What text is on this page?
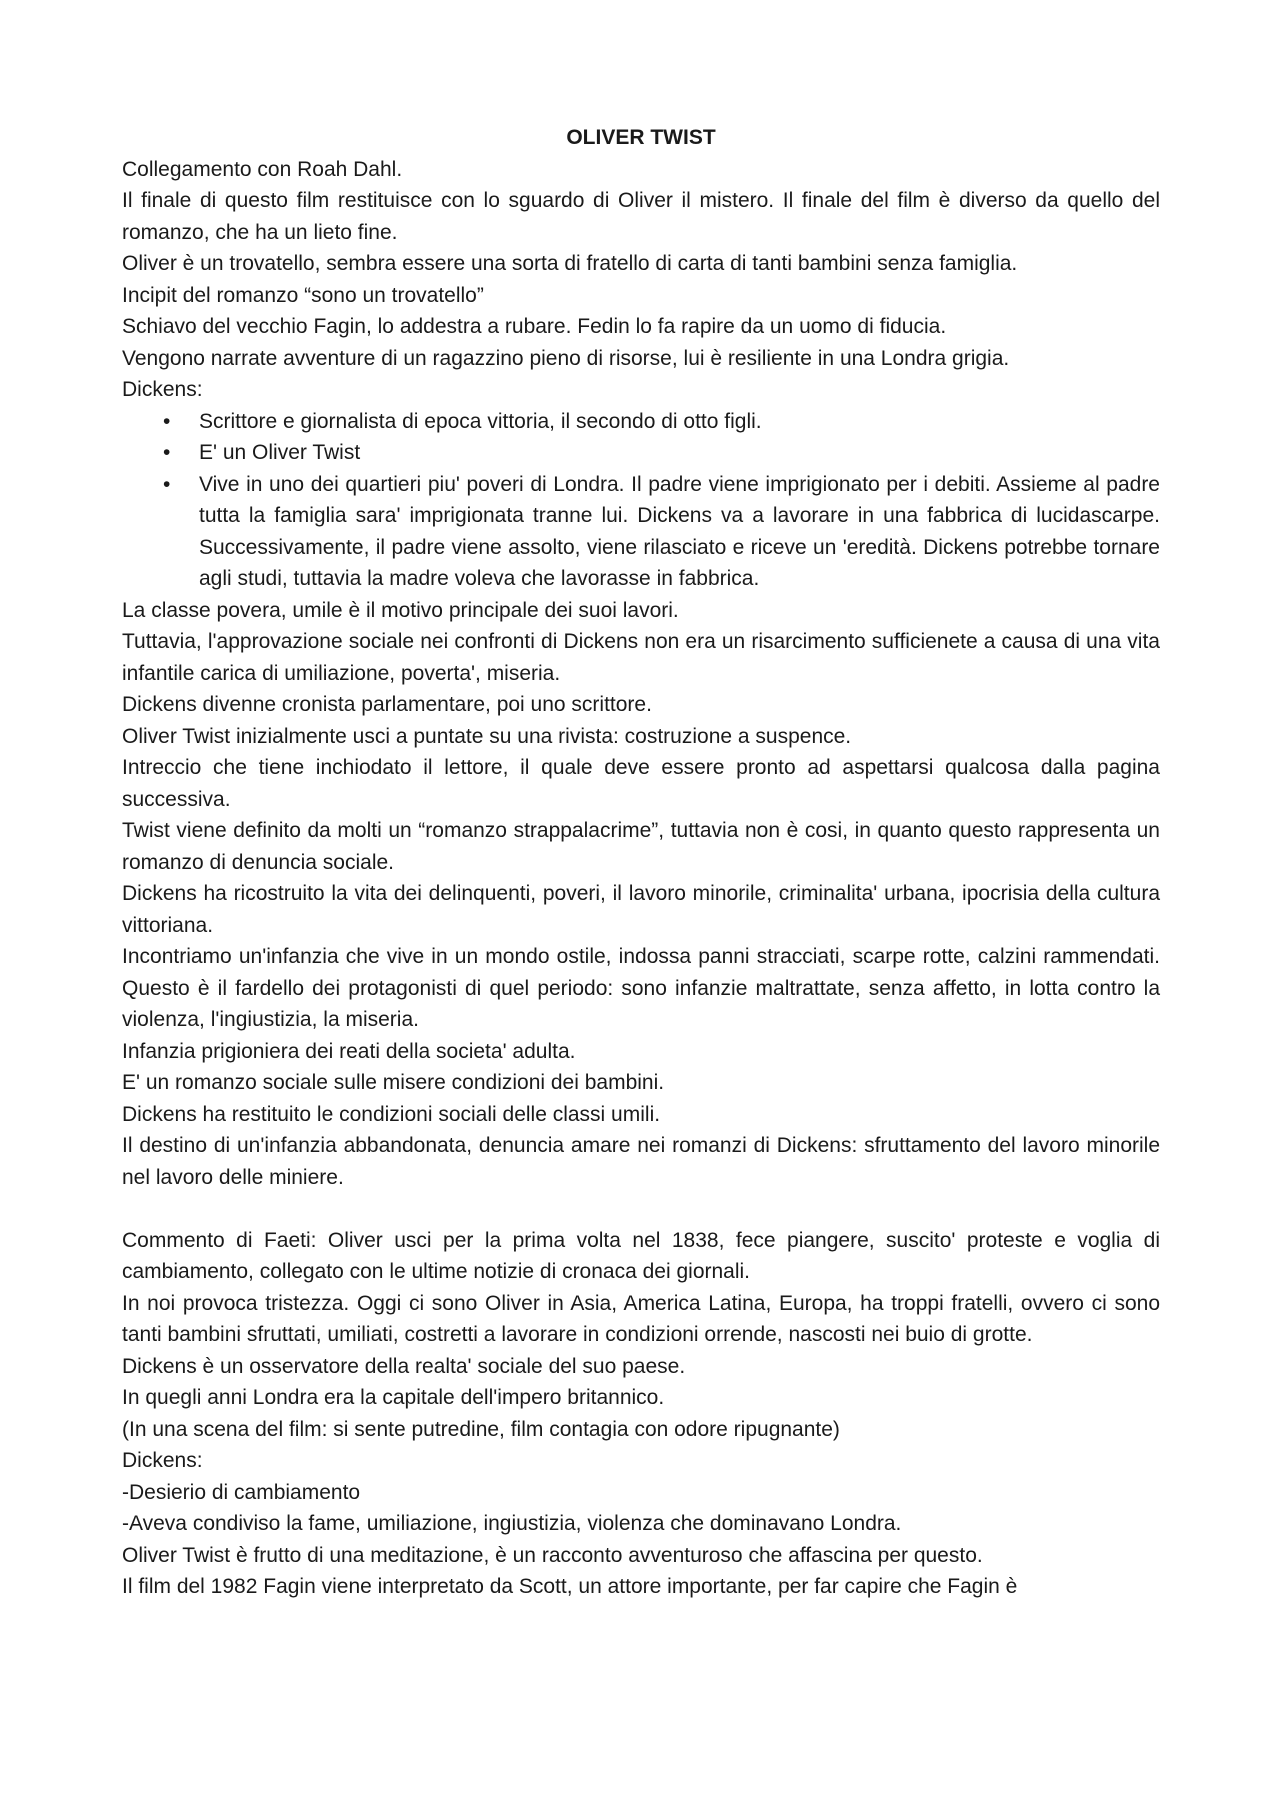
OLIVER TWIST

Collegamento con Roah Dahl.

Il finale di questo film restituisce con lo sguardo di Oliver il mistero. Il finale del film è diverso da quello del romanzo, che ha un lieto fine.

Oliver è un trovatello, sembra essere una sorta di fratello di carta di tanti bambini senza famiglia.

Incipit del romanzo “sono un trovatello”

Schiavo del vecchio Fagin, lo addestra a rubare. Fedin lo fa rapire da un uomo di fiducia.

Vengono narrate avventure di un ragazzino pieno di risorse, lui è resiliente in una Londra grigia.

Dickens:

• Scrittore e giornalista di epoca vittoria, il secondo di otto figli.
• E' un Oliver Twist
• Vive in uno dei quartieri piu' poveri di Londra. Il padre viene imprigionato per i debiti. Assieme al padre tutta la famiglia sara' imprigionata tranne lui. Dickens va a lavorare in una fabbrica di lucidascarpe. Successivamente, il padre viene assolto, viene rilasciato e riceve un 'eredità. Dickens potrebbe tornare agli studi, tuttavia la madre voleva che lavorasse in fabbrica.

La classe povera, umile è il motivo principale dei suoi lavori.

Tuttavia, l'approvazione sociale nei confronti di Dickens non era un risarcimento sufficienete a causa di una vita infantile carica di umiliazione, poverta', miseria.

Dickens divenne cronista parlamentare, poi uno scrittore.

Oliver Twist inizialmente usci a puntate su una rivista: costruzione a suspence.

Intreccio che tiene inchiodato il lettore, il quale deve essere pronto ad aspettarsi qualcosa dalla pagina successiva.

Twist viene definito da molti un “romanzo strappalacrime”, tuttavia non è cosi, in quanto questo rappresenta un romanzo di denuncia sociale.

Dickens ha ricostruito la vita dei delinquenti, poveri, il lavoro minorile, criminalita' urbana, ipocrisia della cultura vittoriana.

Incontriamo un'infanzia che vive in un mondo ostile, indossa panni stracciati, scarpe rotte, calzini rammendati. Questo è il fardello dei protagonisti di quel periodo: sono infanzie maltrattate, senza affetto, in lotta contro la violenza, l'ingiustizia, la miseria.

Infanzia prigioniera dei reati della societa' adulta.

E' un romanzo sociale sulle misere condizioni dei bambini.

Dickens ha restituito le condizioni sociali delle classi umili.

Il destino di un'infanzia abbandonata, denuncia amare nei romanzi di Dickens: sfruttamento del lavoro minorile nel lavoro delle miniere.

Commento di Faeti: Oliver usci per la prima volta nel 1838, fece piangere, suscito' proteste e voglia di cambiamento, collegato con le ultime notizie di cronaca dei giornali.

In noi provoca tristezza. Oggi ci sono Oliver in Asia, America Latina, Europa, ha troppi fratelli, ovvero ci sono tanti bambini sfruttati, umiliati, costretti a lavorare in condizioni orrende, nascosti nei buio di grotte.

Dickens è un osservatore della realta' sociale del suo paese.

In quegli anni Londra era la capitale dell'impero britannico.

(In una scena del film: si sente putredine, film contagia con odore ripugnante)

Dickens:

-Desierio di cambiamento

-Aveva condiviso la fame, umiliazione, ingiustizia, violenza che dominavano Londra.

Oliver Twist è frutto di una meditazione, è un racconto avventuroso che affascina per questo.

Il film del 1982 Fagin viene interpretato da Scott, un attore importante, per far capire che Fagin è
